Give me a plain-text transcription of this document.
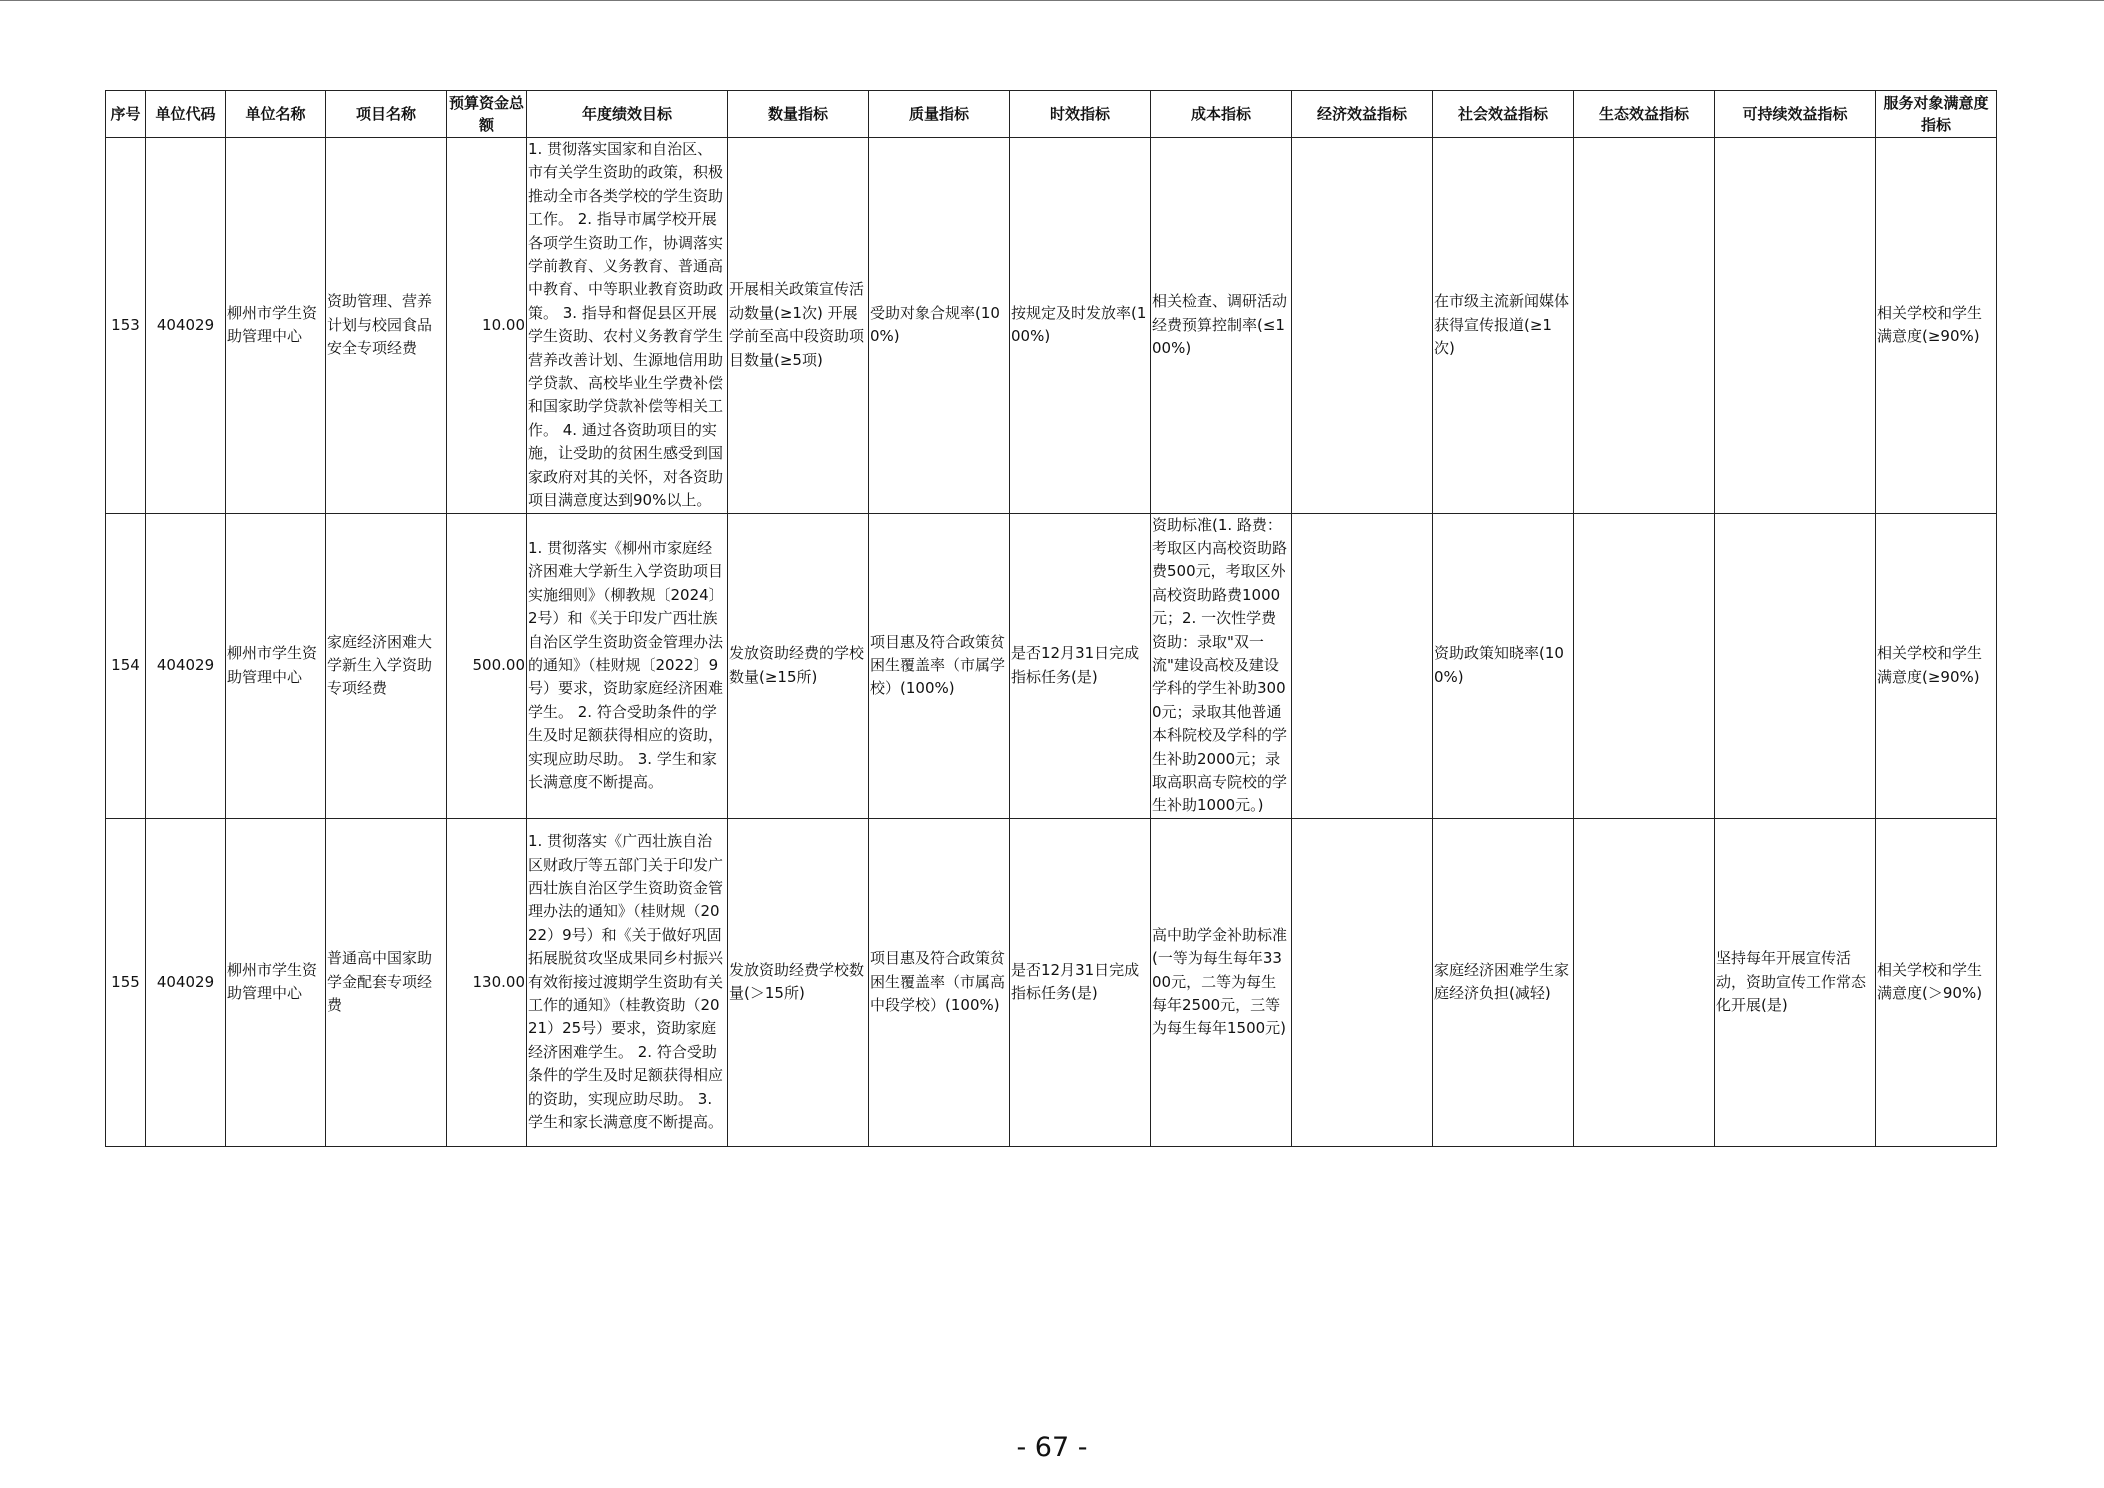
序号	单位代码	单位名称	项目名称	预算资金总额	年度绩效目标	数量指标	质量指标	时效指标	成本指标	经济效益指标	社会效益指标	生态效益指标	可持续效益指标	服务对象满意度指标
153	404029	柳州市学生资助管理中心	资助管理、营养计划与校园食品安全专项经费	10.00	1. 贯彻落实国家和自治区、市有关学生资助的政策，积极推动全市各类学校的学生资助工作。 2. 指导市属学校开展各项学生资助工作，协调落实学前教育、义务教育、普通高中教育、中等职业教育资助政策。 3. 指导和督促县区开展学生资助、农村义务教育学生营养改善计划、生源地信用助学贷款、高校毕业生学费补偿和国家助学贷款补偿等相关工作。 4. 通过各资助项目的实施，让受助的贫困生感受到国家政府对其的关怀，对各资助项目满意度达到90%以上。	开展相关政策宣传活动数量(≥1次) 开展学前至高中段资助项目数量(≥5项)	受助对象合规率(100%)	按规定及时发放率(100%)	相关检查、调研活动经费预算控制率(≤100%)		在市级主流新闻媒体获得宣传报道(≥1次)			相关学校和学生满意度(≥90%)
154	404029	柳州市学生资助管理中心	家庭经济困难大学新生入学资助专项经费	500.00	1. 贯彻落实《柳州市家庭经济困难大学新生入学资助项目实施细则》（柳教规〔2024〕2号）和《关于印发广西壮族自治区学生资助资金管理办法的通知》（桂财规〔2022〕9号）要求，资助家庭经济困难学生。 2. 符合受助条件的学生及时足额获得相应的资助，实现应助尽助。 3. 学生和家长满意度不断提高。	发放资助经费的学校数量(≥15所)	项目惠及符合政策贫困生覆盖率（市属学校）(100%)	是否12月31日完成指标任务(是)	资助标准(1. 路费：考取区内高校资助路费500元，考取区外高校资助路费1000元；2. 一次性学费资助：录取"双一流"建设高校及建设学科的学生补助3000元；录取其他普通本科院校及学科的学生补助2000元；录取高职高专院校的学生补助1000元。)		资助政策知晓率(100%)			相关学校和学生满意度(≥90%)
155	404029	柳州市学生资助管理中心	普通高中国家助学金配套专项经费	130.00	1. 贯彻落实《广西壮族自治区财政厅等五部门关于印发广西壮族自治区学生资助资金管理办法的通知》（桂财规（2022）9号）和《关于做好巩固拓展脱贫攻坚成果同乡村振兴有效衔接过渡期学生资助有关工作的通知》（桂教资助（2021）25号）要求，资助家庭经济困难学生。 2. 符合受助条件的学生及时足额获得相应的资助，实现应助尽助。 3. 学生和家长满意度不断提高。	发放资助经费学校数量(＞15所)	项目惠及符合政策贫困生覆盖率（市属高中段学校）(100%)	是否12月31日完成指标任务(是)	高中助学金补助标准(一等为每生每年3300元，二等为每生每年2500元，三等为每生每年1500元)		家庭经济困难学生家庭经济负担(减轻)		坚持每年开展宣传活动，资助宣传工作常态化开展(是)	相关学校和学生满意度(＞90%)
- 67 -
